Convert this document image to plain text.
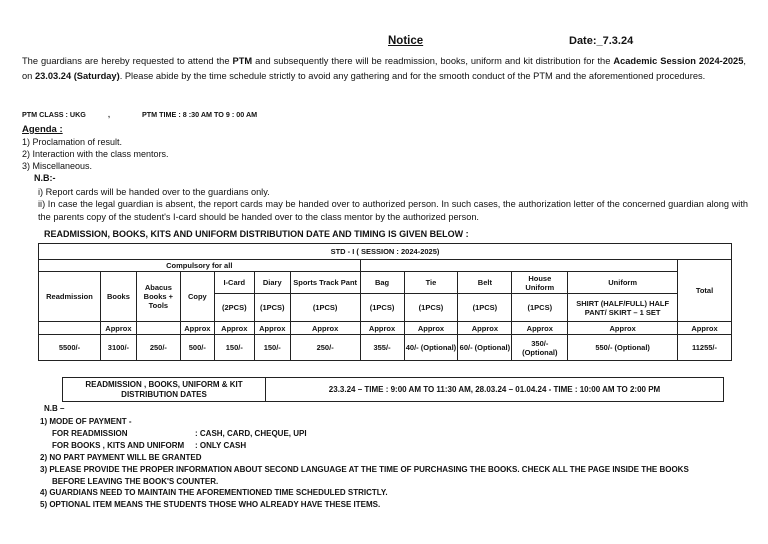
Notice	Date:_7.3.24
The guardians are hereby requested to attend the PTM and subsequently there will be readmission, books, uniform and kit distribution for the Academic Session 2024-2025, on 23.03.24 (Saturday). Please abide by the time schedule strictly to avoid any gathering and for the smooth conduct of the PTM and the aforementioned procedures.
PTM CLASS : UKG	,	PTM TIME : 8 :30 AM TO 9 : 00 AM
Agenda :
1) Proclamation of result.
2) Interaction with the class mentors.
3) Miscellaneous.
N.B:-
i) Report cards will be handed over to the guardians only.
ii) In case the legal guardian is absent, the report cards may be handed over to authorized person. In such cases, the authorization letter of the concerned guardian along with the parents copy of the student's I-card should be handed over to the class mentor by the authorized person.
READMISSION, BOOKS, KITS AND UNIFORM DISTRIBUTION DATE AND TIMING IS GIVEN BELOW :
STD - I ( SESSION : 2024-2025)												
Compulsory for all												Total
Readmission	Books	Abacus Books + Tools	Copy	I-Card	Diary	Sports Track Pant	Bag	Tie	Belt	House Uniform	Uniform	
				(2PCS)	(1PCS)	(1PCS)	(1PCS)	(1PCS)	(1PCS)	(1PCS)	SHIRT (HALF/FULL) HALF PANT/ SKIRT – 1 SET	
	Approx		Approx	Approx	Approx	Approx	Approx	Approx	Approx	Approx	Approx	Approx
5500/-	3100/-	250/-	500/-	150/-	150/-	250/-	355/-	40/- (Optional)	60/- (Optional)	350/- (Optional)	550/- (Optional)	11255/-
READMISSION , BOOKS, UNIFORM & KIT DISTRIBUTION DATES	23.3.24 – TIME : 9:00 AM TO 11:30 AM, 28.03.24 – 01.04.24 - TIME : 10:00 AM TO 2:00 PM
N.B –
1) MODE OF PAYMENT -
FOR READMISSION	: CASH, CARD, CHEQUE, UPI
FOR BOOKS , KITS AND UNIFORM : ONLY CASH
2) NO PART PAYMENT WILL BE GRANTED
3) PLEASE PROVIDE THE PROPER INFORMATION ABOUT SECOND LANGUAGE AT THE TIME OF PURCHASING THE BOOKS. CHECK ALL THE PAGE INSIDE THE BOOKS
BEFORE LEAVING THE BOOK'S COUNTER.
4) GUARDIANS NEED TO MAINTAIN THE AFOREMENTIONED TIME SCHEDULED STRICTLY.
5) OPTIONAL ITEM MEANS THE STUDENTS THOSE WHO ALREADY HAVE THESE ITEMS.
